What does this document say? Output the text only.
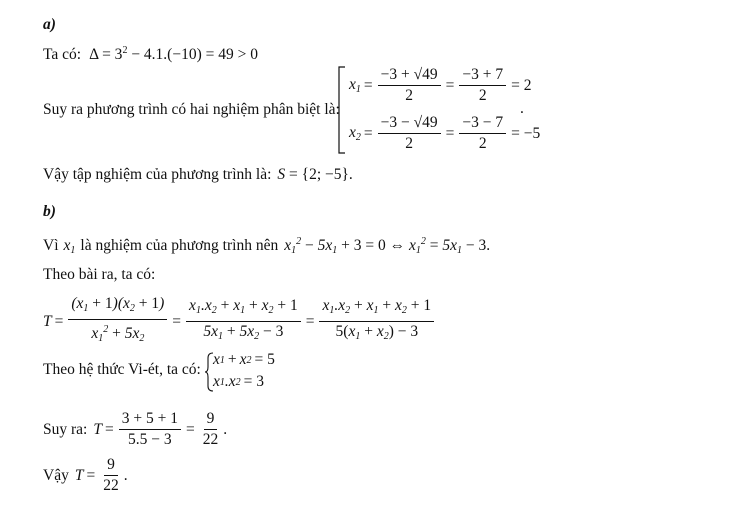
a)
Ta có: $\Delta = 3^2 - 4.1.(-10) = 49 > 0$
Suy ra phương trình có hai nghiệm phân biệt là:
$x_1 = \frac{-3 + √49}{2} = \frac{-3 + 7}{2} = 2$
.
$x_2 = \frac{-3 - √49}{2} = \frac{-3 - 7}{2} = -5$
Vậy tập nghiệm của phương trình là: S = {2; −5}.
b)
Vì $x_1$ là nghiệm của phương trình nên $x_1^2 - 5x_1 + 3 = 0$ ⇔ $x_1^2 = 5x_1 - 3$.
Theo bài ra, ta có:
$T = \frac{(x_1 + 1)(x_2 + 1)}{x_1^2 + 5x_2} = \frac{x_1.x_2 + x_1 + x_2 + 1}{5x_1 + 5x_2 - 3} = \frac{x_1.x_2 + x_1 + x_2 + 1}{5(x_1 + x_2) - 3}$
Theo hệ thức Vi-ét, ta có:
x 1 + x 2 = 5
x 1 .x 2 = 3
Suy ra: $T = \frac{3 + 5 + 1}{5.5 - 3} = \frac{9}{22}$ .
Vậy $T = \frac{9}{22}$ .
